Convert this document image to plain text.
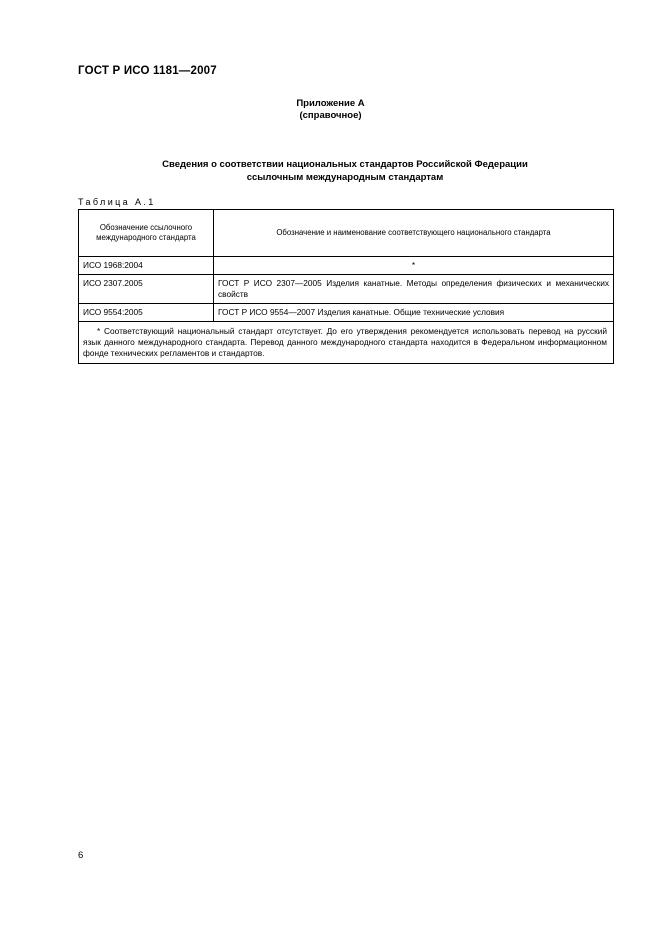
ГОСТ Р ИСО 1181—2007
Приложение А
(справочное)
Сведения о соответствии национальных стандартов Российской Федерации
ссылочным международным стандартам
Таблица А.1
Обозначение ссылочного международного стандарта	Обозначение и наименование соответствующего национального стандарта
ИСО 1968:2004	*
ИСО 2307.2005	ГОСТ Р ИСО 2307—2005 Изделия канатные. Методы определения физических и механических свойств
ИСО 9554:2005	ГОСТ Р ИСО 9554—2007 Изделия канатные. Общие технические условия
* Соответствующий национальный стандарт отсутствует. До его утверждения рекомендуется использовать перевод на русский язык данного международного стандарта. Перевод данного международного стандарта находится в Федеральном информационном фонде технических регламентов и стандартов.	
6
